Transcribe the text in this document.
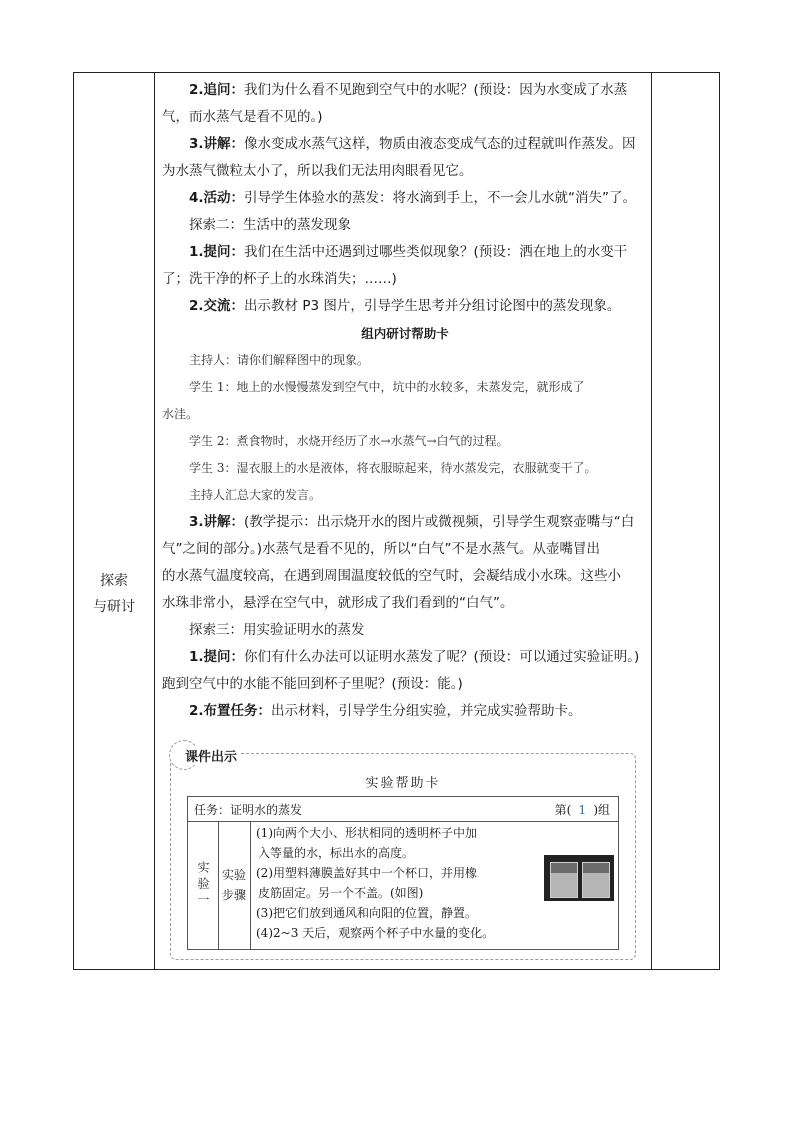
探索
与研讨
2.追问：我们为什么看不见跑到空气中的水呢？(预设：因为水变成了水蒸
气，而水蒸气是看不见的。)
3.讲解：像水变成水蒸气这样，物质由液态变成气态的过程就叫作蒸发。因
为水蒸气微粒太小了，所以我们无法用肉眼看见它。
4.活动：引导学生体验水的蒸发：将水滴到手上，不一会儿水就“消失”了。
探索二：生活中的蒸发现象
1.提问：我们在生活中还遇到过哪些类似现象？(预设：洒在地上的水变干
了；洗干净的杯子上的水珠消失；……)
2.交流：出示教材 P3 图片，引导学生思考并分组讨论图中的蒸发现象。
组内研讨帮助卡
主持人：请你们解释图中的现象。
学生 1：地上的水慢慢蒸发到空气中，坑中的水较多，未蒸发完，就形成了
水洼。
学生 2：煮食物时，水烧开经历了水→水蒸气→白气的过程。
学生 3：湿衣服上的水是液体，将衣服晾起来，待水蒸发完，衣服就变干了。
主持人汇总大家的发言。
3.讲解：(教学提示：出示烧开水的图片或微视频，引导学生观察壶嘴与“白
气”之间的部分。)水蒸气是看不见的，所以“白气”不是水蒸气。从壶嘴冒出
的水蒸气温度较高，在遇到周围温度较低的空气时，会凝结成小水珠。这些小
水珠非常小，悬浮在空气中，就形成了我们看到的“白气”。
探索三：用实验证明水的蒸发
1.提问：你们有什么办法可以证明水蒸发了呢？(预设：可以通过实验证明。)
跑到空气中的水能不能回到杯子里呢？(预设：能。)
2.布置任务：出示材料，引导学生分组实验，并完成实验帮助卡。
课件出示
实验帮助卡
任务：证明水的蒸发	第( 1 )组
实验一 实验
步骤
(1)向两个大小、形状相同的透明杯子中加
入等量的水，标出水的高度。
(2)用塑料薄膜盖好其中一个杯口，并用橡
皮筋固定。另一个不盖。(如图)
(3)把它们放到通风和向阳的位置，静置。
(4)2~3 天后，观察两个杯子中水量的变化。
